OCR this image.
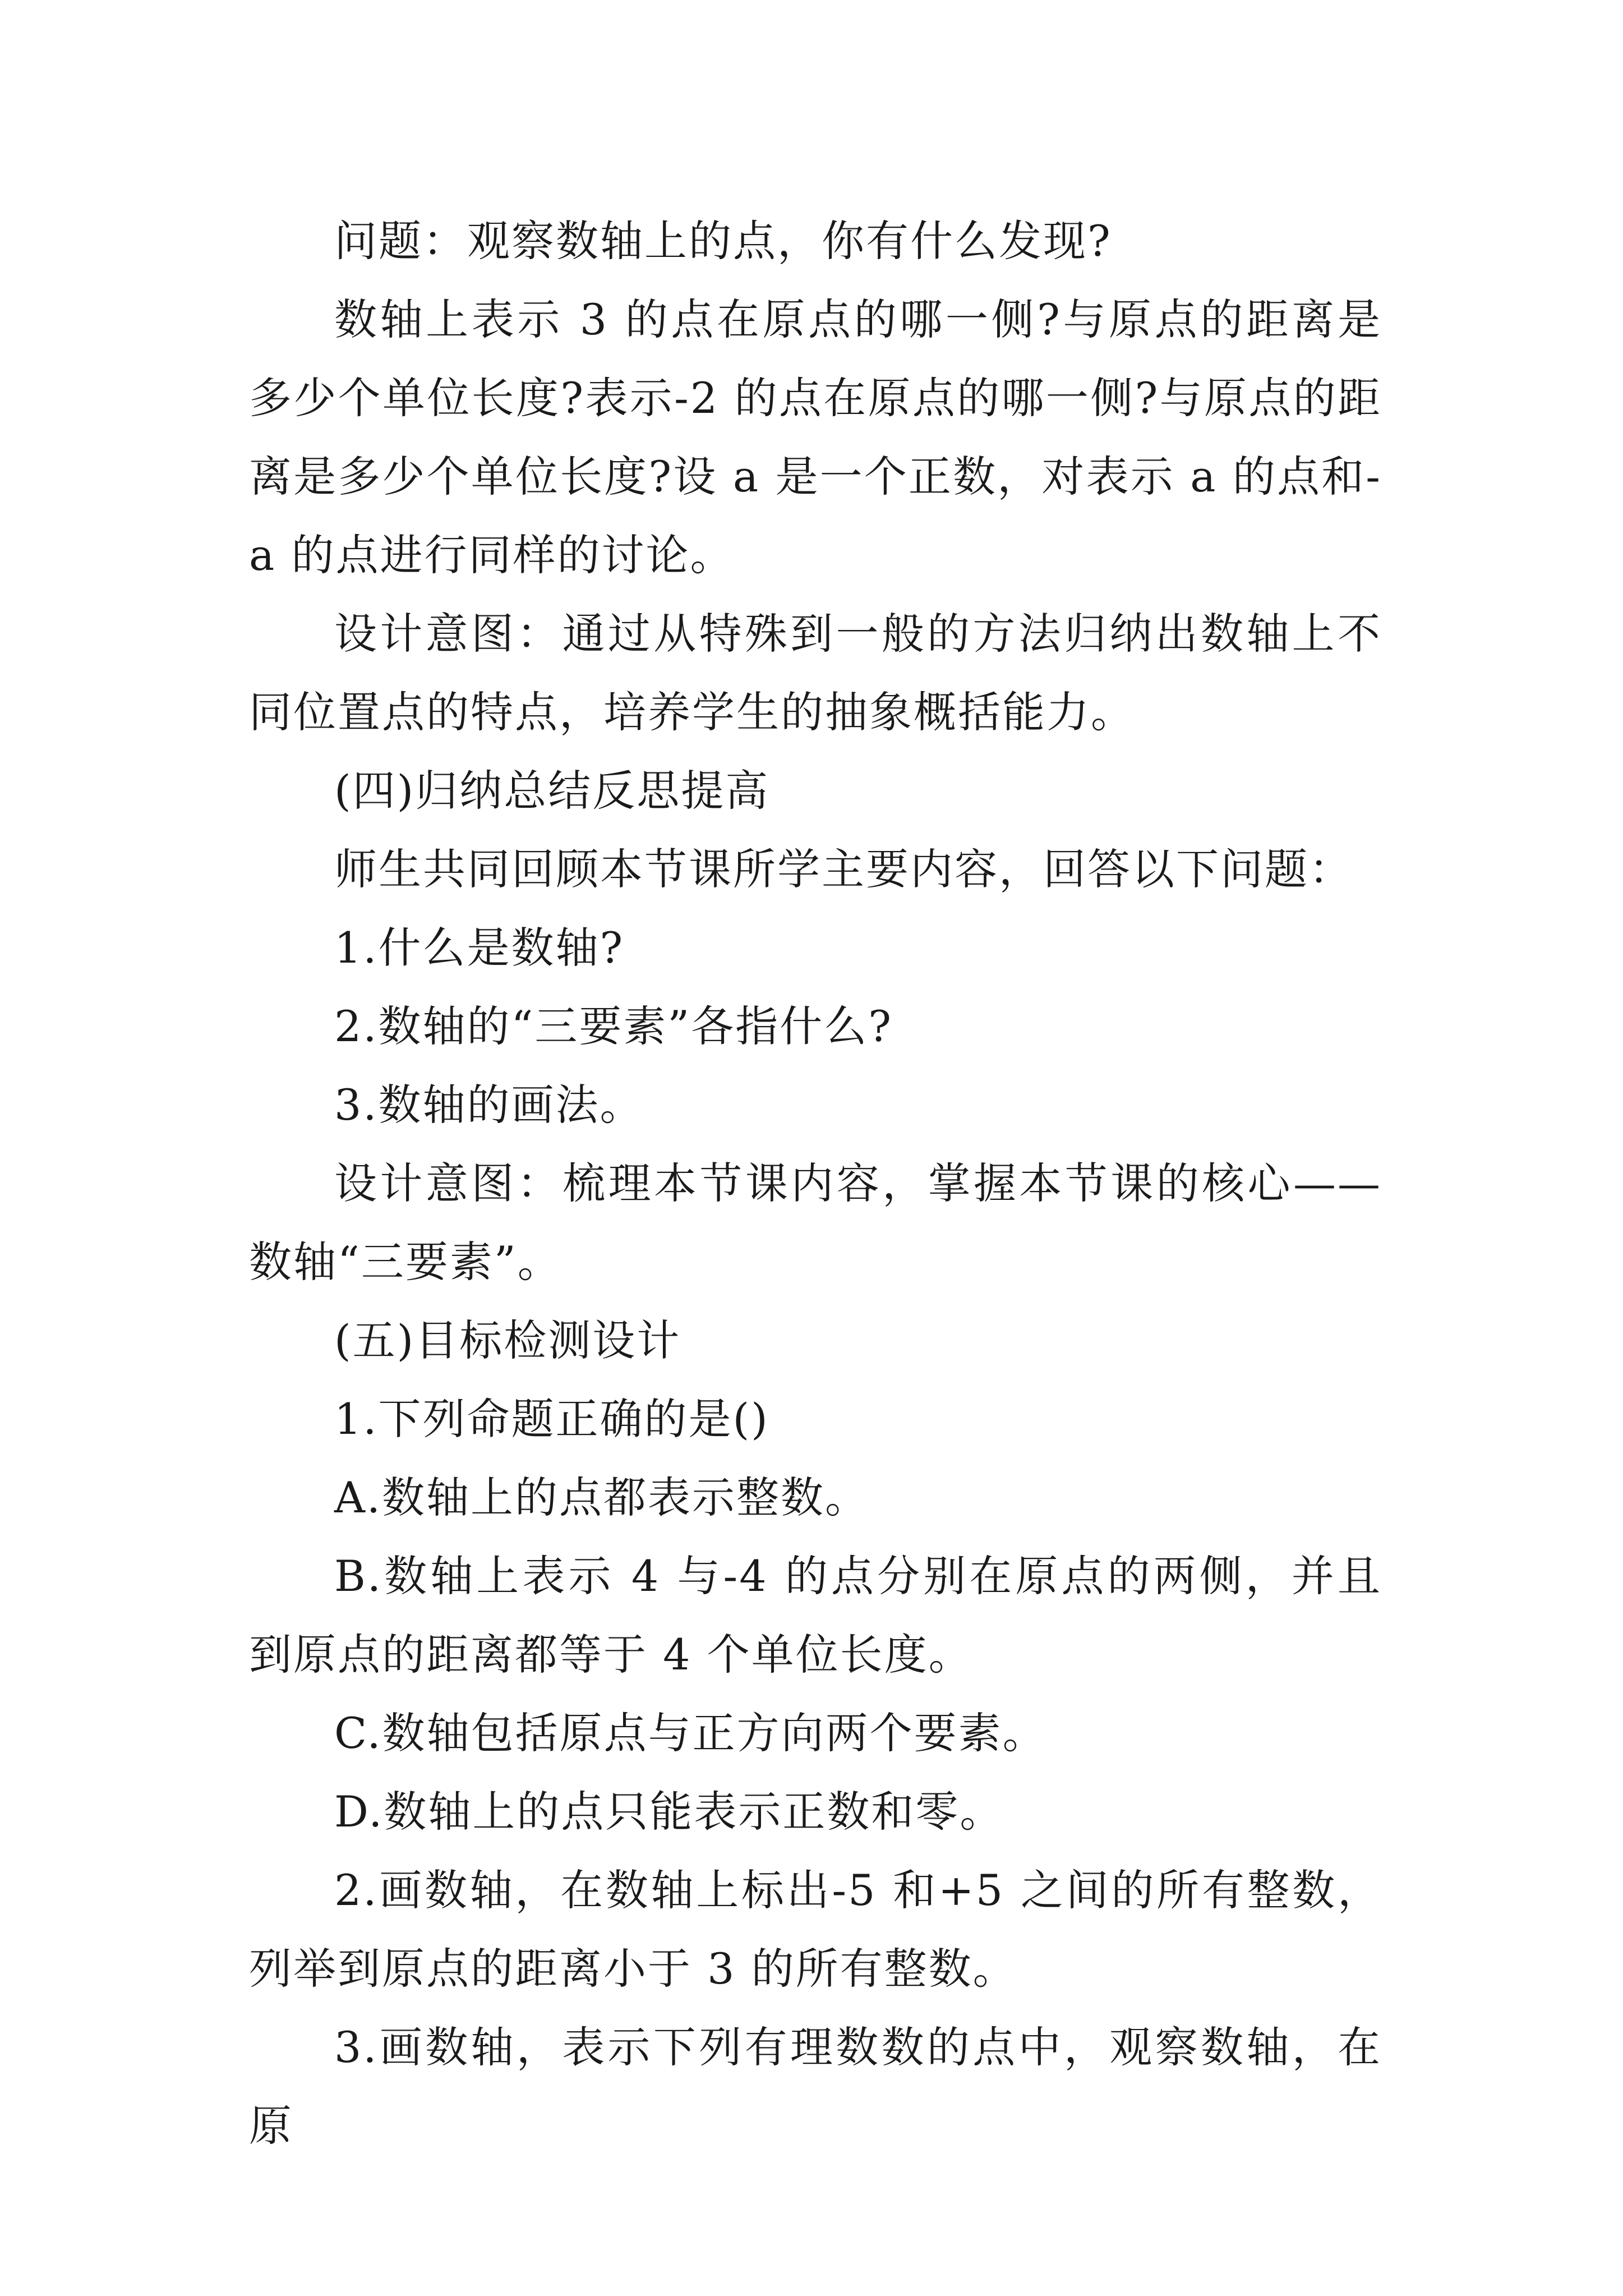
问题：观察数轴上的点，你有什么发现?

数轴上表示 3 的点在原点的哪一侧?与原点的距离是多少个单位长度?表示-2 的点在原点的哪一侧?与原点的距离是多少个单位长度?设 a 是一个正数，对表示 a 的点和-a 的点进行同样的讨论。

设计意图：通过从特殊到一般的方法归纳出数轴上不同位置点的特点，培养学生的抽象概括能力。

(四)归纳总结反思提高

师生共同回顾本节课所学主要内容，回答以下问题：

1.什么是数轴?

2.数轴的“三要素”各指什么?

3.数轴的画法。

设计意图：梳理本节课内容，掌握本节课的核心——数轴“三要素”。

(五)目标检测设计

1.下列命题正确的是()

A.数轴上的点都表示整数。

B.数轴上表示 4 与-4 的点分别在原点的两侧，并且到原点的距离都等于 4 个单位长度。

C.数轴包括原点与正方向两个要素。

D.数轴上的点只能表示正数和零。

2.画数轴，在数轴上标出-5 和+5 之间的所有整数，列举到原点的距离小于 3 的所有整数。

3.画数轴，表示下列有理数数的点中，观察数轴，在原
